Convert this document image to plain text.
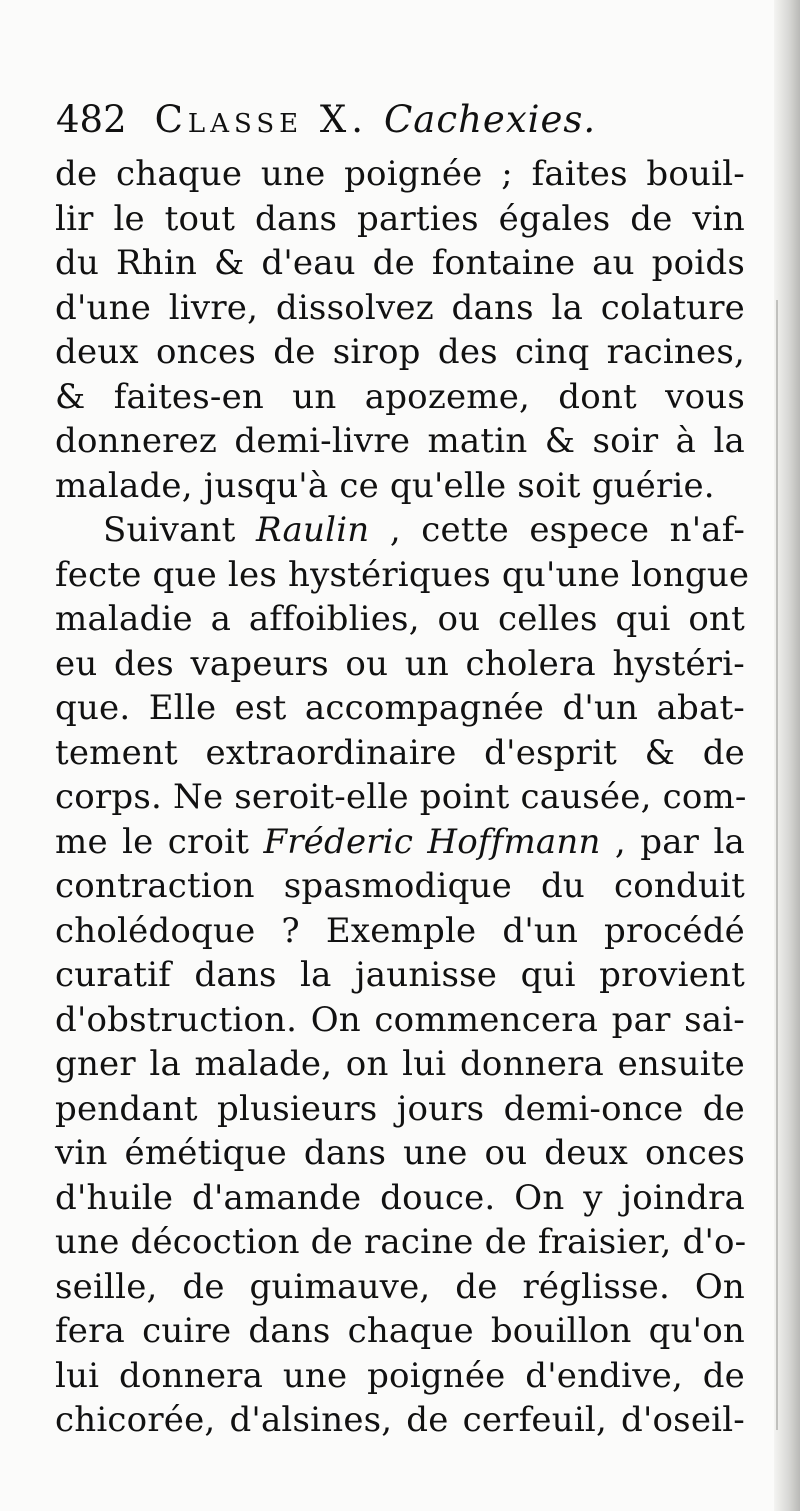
482 Classe X. Cachexies.
de chaque une poignée ; faites bouil-
lir le tout dans parties égales de vin
du Rhin & d'eau de fontaine au poids
d'une livre, dissolvez dans la colature
deux onces de sirop des cinq racines,
& faites-en un apozeme, dont vous
donnerez demi-livre matin & soir à la
malade, jusqu'à ce qu'elle soit guérie.
Suivant Raulin , cette espece n'af-
fecte que les hystériques qu'une longue
maladie a affoiblies, ou celles qui ont
eu des vapeurs ou un cholera hystéri-
que. Elle est accompagnée d'un abat-
tement extraordinaire d'esprit & de
corps. Ne seroit-elle point causée, com-
me le croit Fréderic Hoffmann , par la
contraction spasmodique du conduit
cholédoque ? Exemple d'un procédé
curatif dans la jaunisse qui provient
d'obstruction. On commencera par sai-
gner la malade, on lui donnera ensuite
pendant plusieurs jours demi-once de
vin émétique dans une ou deux onces
d'huile d'amande douce. On y joindra
une décoction de racine de fraisier, d'o-
seille, de guimauve, de réglisse. On
fera cuire dans chaque bouillon qu'on
lui donnera une poignée d'endive, de
chicorée, d'alsines, de cerfeuil, d'oseil-
